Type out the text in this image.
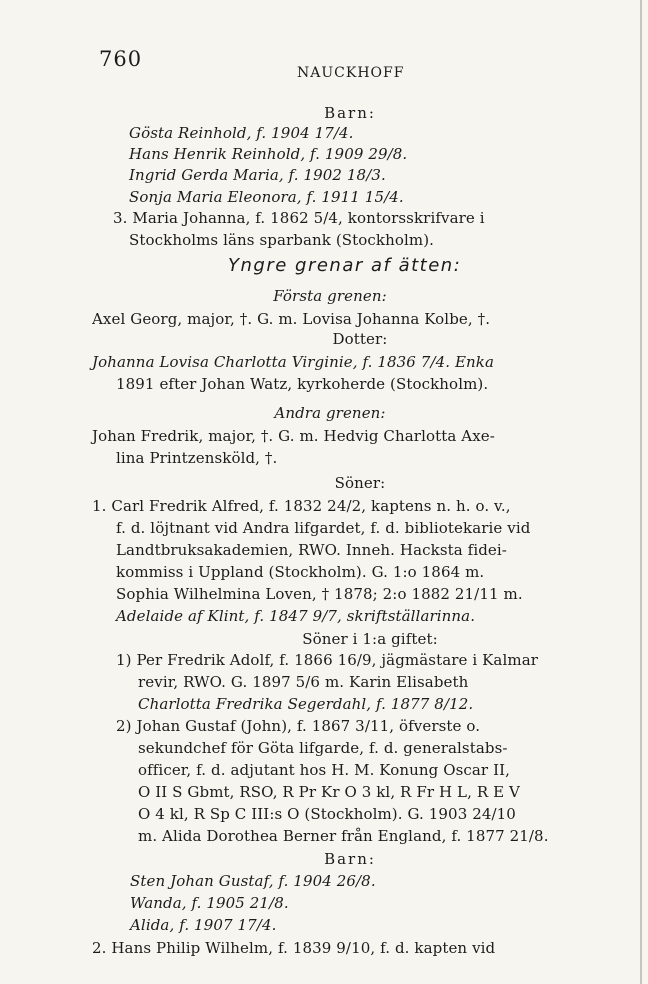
760
NAUCKHOFF
Barn:
Gösta Reinhold, f. 1904 17/4.
Hans Henrik Reinhold, f. 1909 29/8.
Ingrid Gerda Maria, f. 1902 18/3.
Sonja Maria Eleonora, f. 1911 15/4.
3. Maria Johanna, f. 1862 5/4, kontorsskrifvare i
Stockholms läns sparbank (Stockholm).
Yngre grenar af ätten:
Första grenen:
Axel Georg, major, †. G. m. Lovisa Johanna Kolbe, †.
Dotter:
Johanna Lovisa Charlotta Virginie, f. 1836 7/4. Enka
1891 efter Johan Watz, kyrkoherde (Stockholm).
Andra grenen:
Johan Fredrik, major, †. G. m. Hedvig Charlotta Axe-
lina Printzensköld, †.
Söner:
1. Carl Fredrik Alfred, f. 1832 24/2, kaptens n. h. o. v.,
f. d. löjtnant vid Andra lifgardet, f. d. bibliotekarie vid
Landtbruksakademien, RWO. Inneh. Hacksta fidei-
kommiss i Uppland (Stockholm). G. 1:o 1864 m.
Sophia Wilhelmina Loven, † 1878; 2:o 1882 21/11 m.
Adelaide af Klint, f. 1847 9/7, skriftställarinna.
Söner i 1:a giftet:
1) Per Fredrik Adolf, f. 1866 16/9, jägmästare i Kalmar
revir, RWO. G. 1897 5/6 m. Karin Elisabeth
Charlotta Fredrika Segerdahl, f. 1877 8/12.
2) Johan Gustaf (John), f. 1867 3/11, öfverste o.
sekundchef för Göta lifgarde, f. d. generalstabs-
officer, f. d. adjutant hos H. M. Konung Oscar II,
O II S Gbmt, RSO, R Pr Kr O 3 kl, R Fr H L, R E V
O 4 kl, R Sp C III:s O (Stockholm). G. 1903 24/10
m. Alida Dorothea Berner från England, f. 1877 21/8.
Barn:
Sten Johan Gustaf, f. 1904 26/8.
Wanda, f. 1905 21/8.
Alida, f. 1907 17/4.
2. Hans Philip Wilhelm, f. 1839 9/10, f. d. kapten vid
